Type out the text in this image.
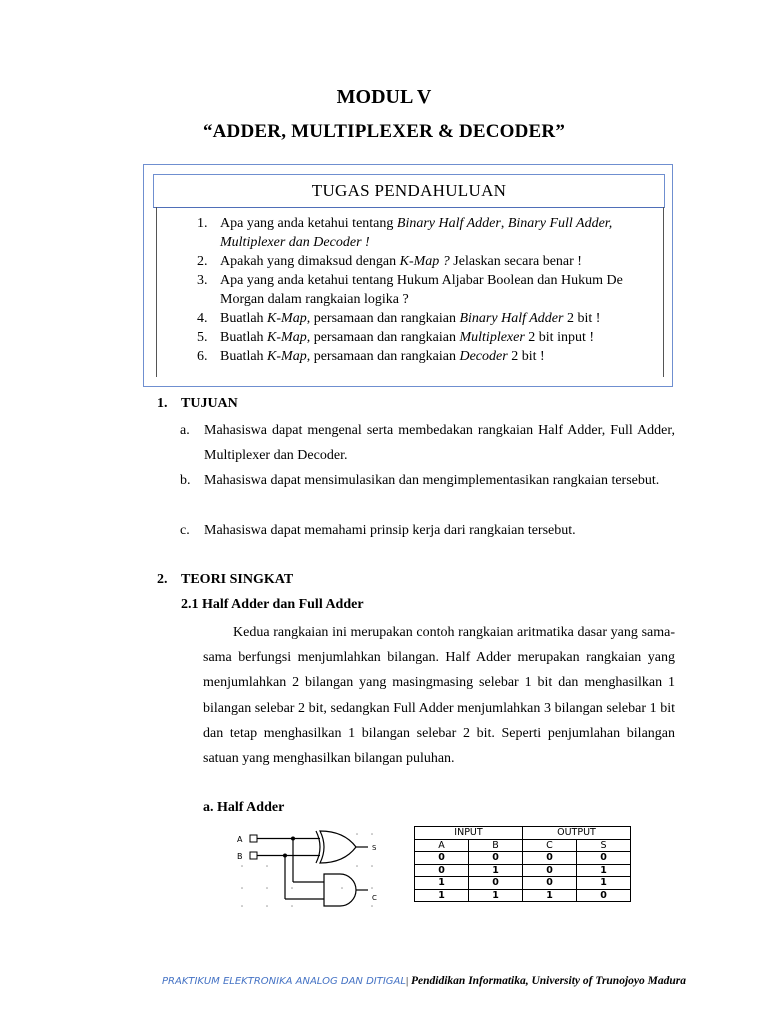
MODUL V
“ADDER, MULTIPLEXER & DECODER”
TUGAS PENDAHULUAN
1. TUJUAN
a. Mahasiswa dapat mengenal serta membedakan rangkaian Half Adder, Full Adder, Multiplexer dan Decoder.
b. Mahasiswa dapat mensimulasikan dan mengimplementasikan rangkaian tersebut.
c. Mahasiswa dapat memahami prinsip kerja dari rangkaian tersebut.
2. TEORI SINGKAT
2.1 Half Adder dan Full Adder
Kedua rangkaian ini merupakan contoh rangkaian aritmatika dasar yang sama-sama berfungsi menjumlahkan bilangan. Half Adder merupakan rangkaian yang menjumlahkan 2 bilangan yang masingmasing selebar 1 bit dan menghasilkan 1 bilangan selebar 2 bit, sedangkan Full Adder menjumlahkan 3 bilangan selebar 1 bit dan tetap menghasilkan 1 bilangan selebar 2 bit. Seperti penjumlahan bilangan satuan yang menghasilkan bilangan puluhan.
a. Half Adder
A
B
S
C
INPUT		OUTPUT	
A	B	C	S
0	0	0	0
0	1	0	1
1	0	0	1
1	1	1	0
PRAKTIKUM ELEKTRONIKA ANALOG DAN DITIGAL| Pendidikan Informatika, University of Trunojoyo Madura
1. Apa yang anda ketahui tentang Binary Half Adder, Binary Full Adder, Multiplexer dan Decoder !
2. Apakah yang dimaksud dengan K-Map ? Jelaskan secara benar !
3. Apa yang anda ketahui tentang Hukum Aljabar Boolean dan Hukum De Morgan dalam rangkaian logika ?
4. Buatlah K-Map, persamaan dan rangkaian Binary Half Adder 2 bit !
5. Buatlah K-Map, persamaan dan rangkaian Multiplexer 2 bit input !
6. Buatlah K-Map, persamaan dan rangkaian Decoder 2 bit !
